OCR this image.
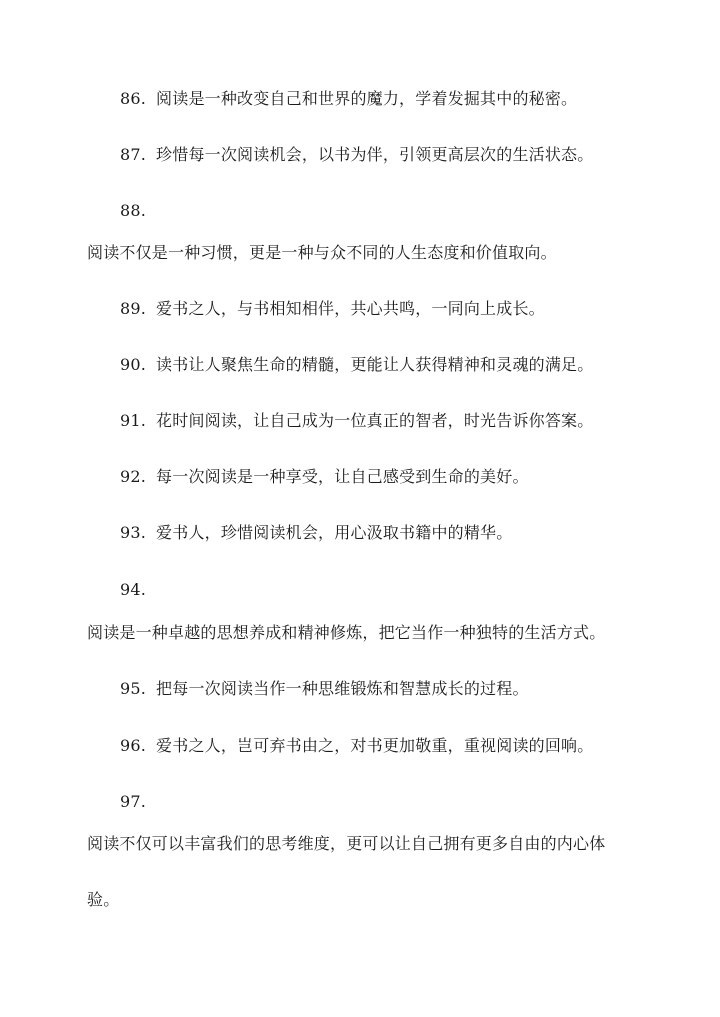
86. 阅读是一种改变自己和世界的魔力，学着发掘其中的秘密。
87. 珍惜每一次阅读机会，以书为伴，引领更高层次的生活状态。
88.
阅读不仅是一种习惯，更是一种与众不同的人生态度和价值取向。
89. 爱书之人，与书相知相伴，共心共鸣，一同向上成长。
90. 读书让人聚焦生命的精髓，更能让人获得精神和灵魂的满足。
91. 花时间阅读，让自己成为一位真正的智者，时光告诉你答案。
92. 每一次阅读是一种享受，让自己感受到生命的美好。
93. 爱书人，珍惜阅读机会，用心汲取书籍中的精华。
94.
阅读是一种卓越的思想养成和精神修炼，把它当作一种独特的生活方式。
95. 把每一次阅读当作一种思维锻炼和智慧成长的过程。
96. 爱书之人，岂可弃书由之，对书更加敬重，重视阅读的回响。
97.
阅读不仅可以丰富我们的思考维度，更可以让自己拥有更多自由的内心体
验。
